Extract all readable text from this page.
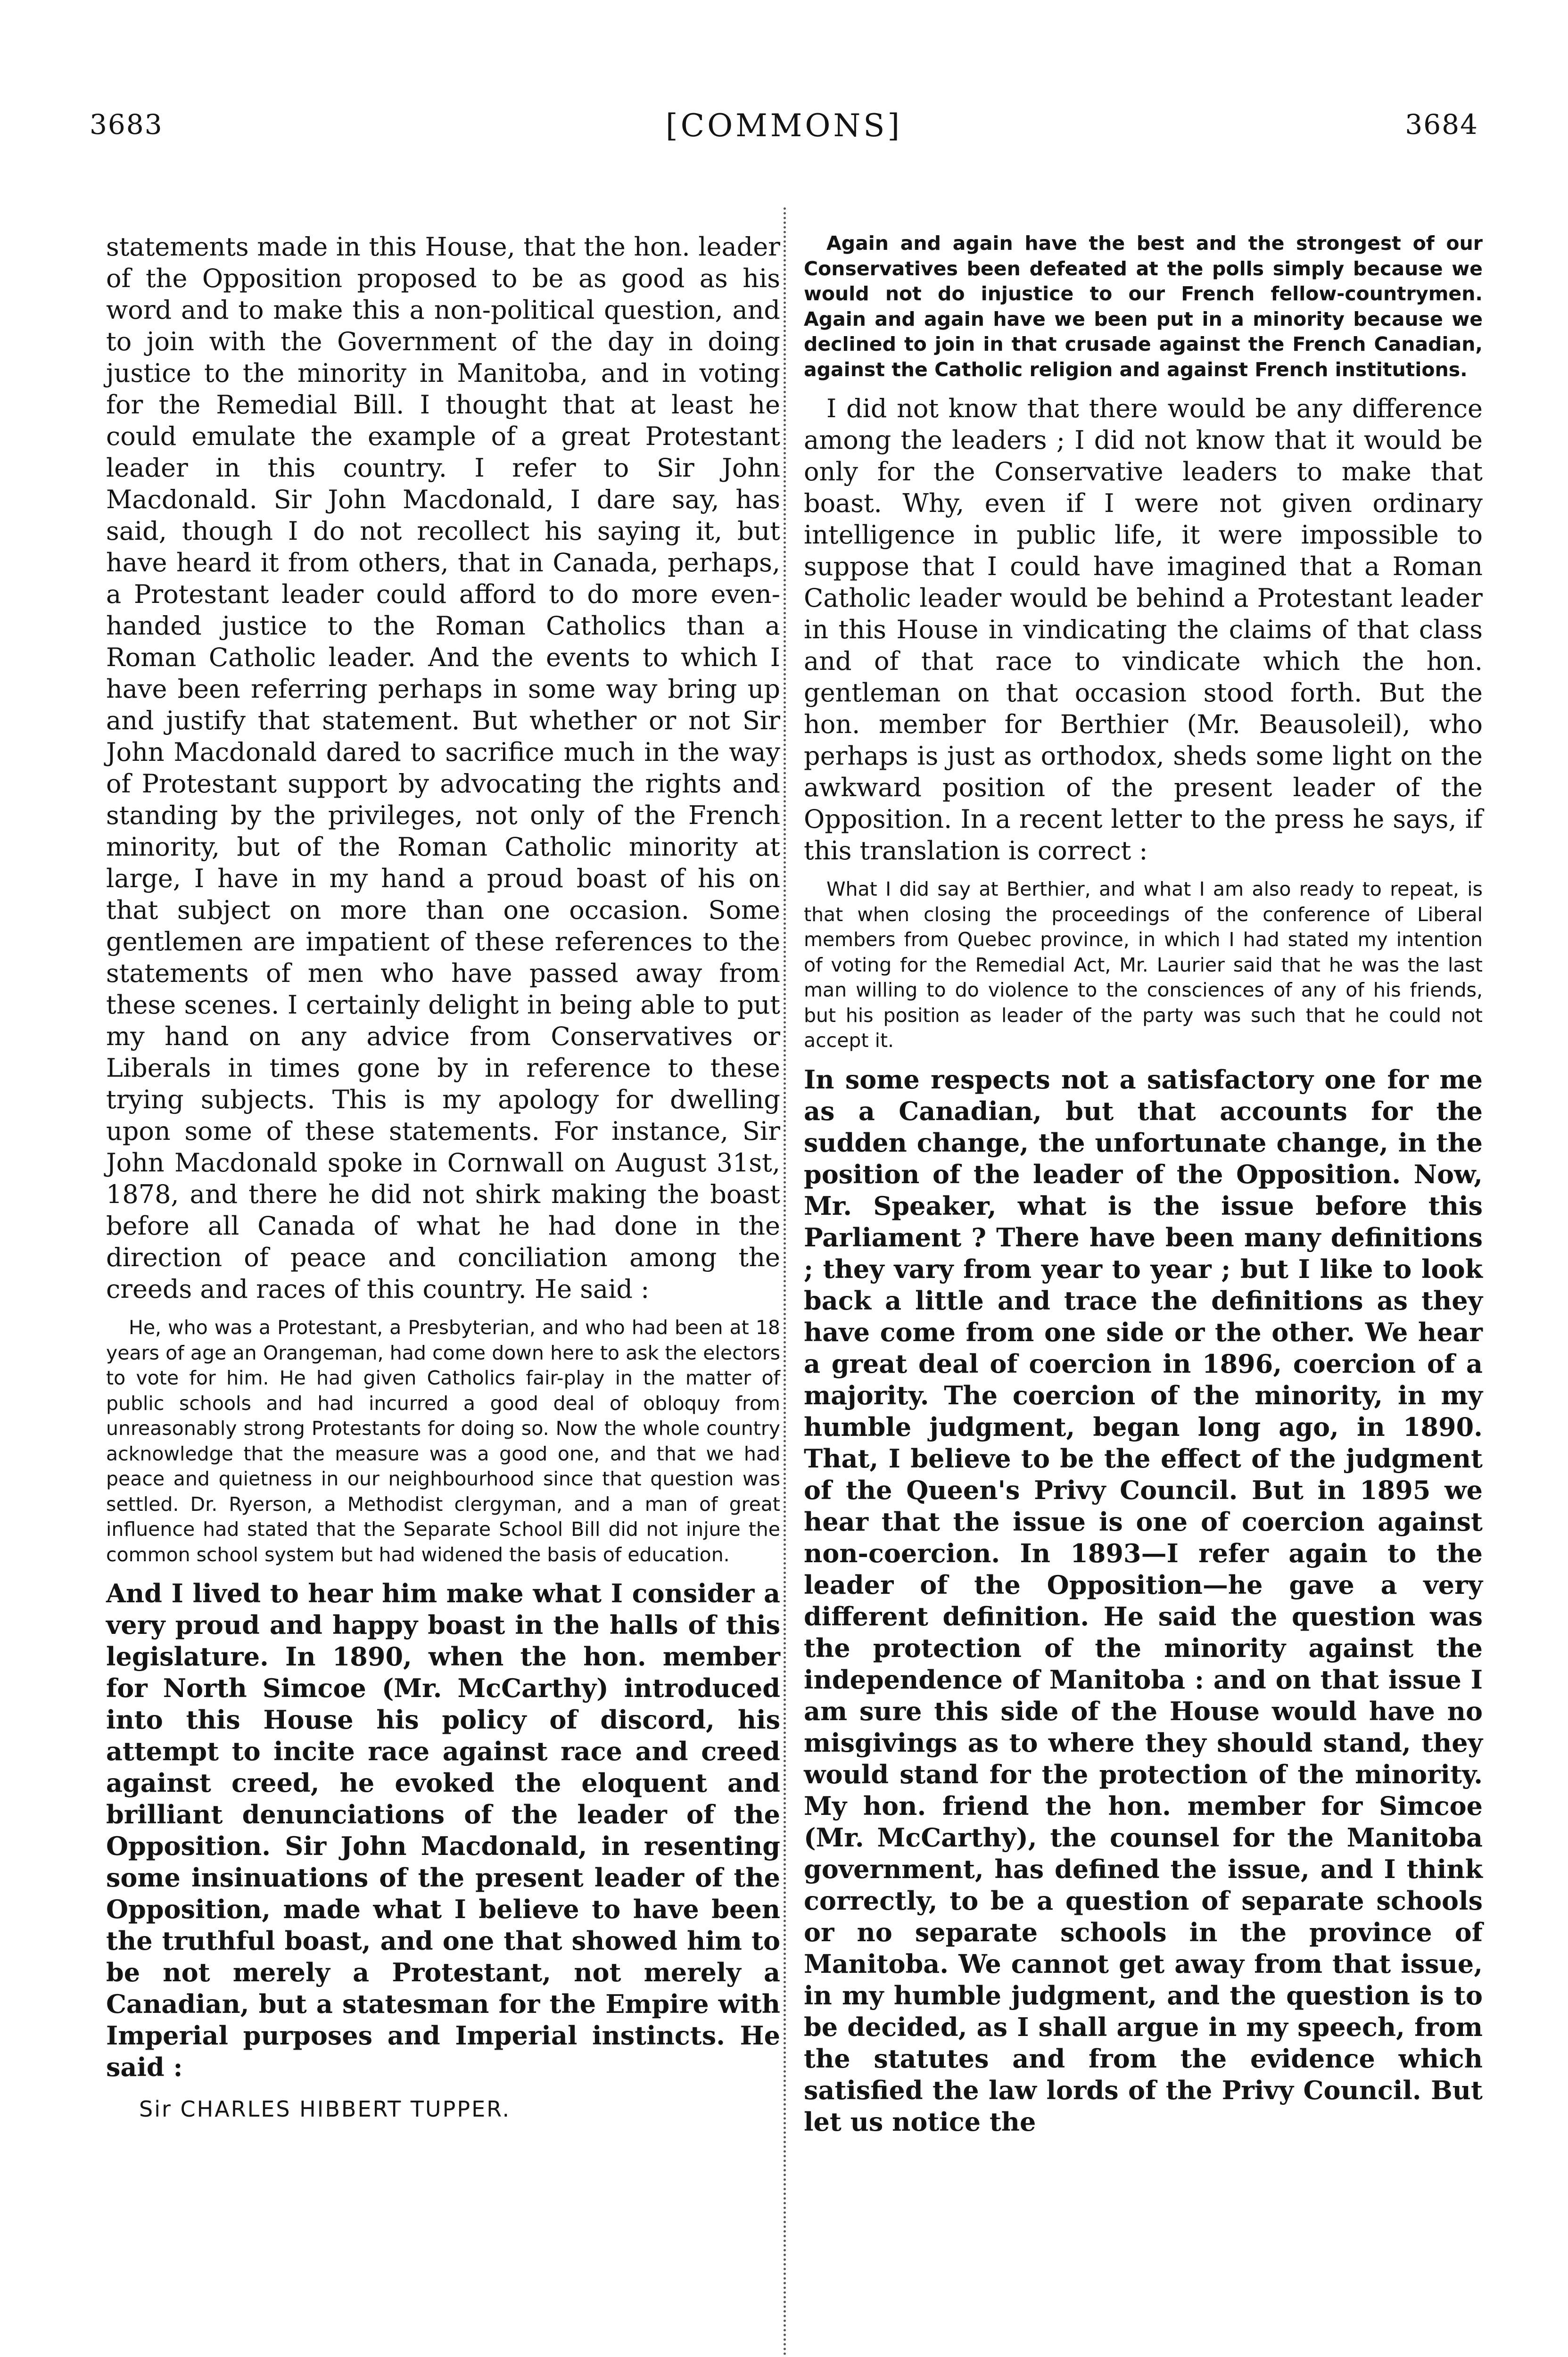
3683	[COMMONS]	3684

statements made in this House, that the hon. leader of the Opposition proposed to be as good as his word and to make this a non-political question, and to join with the Government of the day in doing justice to the minority in Manitoba, and in voting for the Remedial Bill. I thought that at least he could emulate the example of a great Protestant leader in this country. I refer to Sir John Macdonald. Sir John Macdonald, I dare say, has said, though I do not recollect his saying it, but have heard it from others, that in Canada, perhaps, a Protestant leader could afford to do more even-handed justice to the Roman Catholics than a Roman Catholic leader. And the events to which I have been referring perhaps in some way bring up and justify that statement. But whether or not Sir John Macdonald dared to sacrifice much in the way of Protestant support by advocating the rights and standing by the privileges, not only of the French minority, but of the Roman Catholic minority at large, I have in my hand a proud boast of his on that subject on more than one occasion. Some gentlemen are impatient of these references to the statements of men who have passed away from these scenes. I certainly delight in being able to put my hand on any advice from Conservatives or Liberals in times gone by in reference to these trying subjects. This is my apology for dwelling upon some of these statements. For instance, Sir John Macdonald spoke in Cornwall on August 31st, 1878, and there he did not shirk making the boast before all Canada of what he had done in the direction of peace and conciliation among the creeds and races of this country. He said :

He, who was a Protestant, a Presbyterian, and who had been at 18 years of age an Orangeman, had come down here to ask the electors to vote for him. He had given Catholics fair-play in the matter of public schools and had incurred a good deal of obloquy from unreasonably strong Protestants for doing so. Now the whole country acknowledge that the measure was a good one, and that we had peace and quietness in our neighbourhood since that question was settled. Dr. Ryerson, a Methodist clergyman, and a man of great influence had stated that the Separate School Bill did not injure the common school system but had widened the basis of education.

And I lived to hear him make what I consider a very proud and happy boast in the halls of this legislature. In 1890, when the hon. member for North Simcoe (Mr. McCarthy) introduced into this House his policy of discord, his attempt to incite race against race and creed against creed, he evoked the eloquent and brilliant denunciations of the leader of the Opposition. Sir John Macdonald, in resenting some insinuations of the present leader of the Opposition, made what I believe to have been the truthful boast, and one that showed him to be not merely a Protestant, not merely a Canadian, but a statesman for the Empire with Imperial purposes and Imperial instincts. He said :

Sir CHARLES HIBBERT TUPPER.

Again and again have the best and the strongest of our Conservatives been defeated at the polls simply because we would not do injustice to our French fellow-countrymen. Again and again have we been put in a minority because we declined to join in that crusade against the French Canadian, against the Catholic religion and against French institutions.

I did not know that there would be any difference among the leaders ; I did not know that it would be only for the Conservative leaders to make that boast. Why, even if I were not given ordinary intelligence in public life, it were impossible to suppose that I could have imagined that a Roman Catholic leader would be behind a Protestant leader in this House in vindicating the claims of that class and of that race to vindicate which the hon. gentleman on that occasion stood forth. But the hon. member for Berthier (Mr. Beausoleil), who perhaps is just as orthodox, sheds some light on the awkward position of the present leader of the Opposition. In a recent letter to the press he says, if this translation is correct :

What I did say at Berthier, and what I am also ready to repeat, is that when closing the proceedings of the conference of Liberal members from Quebec province, in which I had stated my intention of voting for the Remedial Act, Mr. Laurier said that he was the last man willing to do violence to the consciences of any of his friends, but his position as leader of the party was such that he could not accept it.

In some respects not a satisfactory one for me as a Canadian, but that accounts for the sudden change, the unfortunate change, in the position of the leader of the Opposition. Now, Mr. Speaker, what is the issue before this Parliament ? There have been many definitions ; they vary from year to year ; but I like to look back a little and trace the definitions as they have come from one side or the other. We hear a great deal of coercion in 1896, coercion of a majority. The coercion of the minority, in my humble judgment, began long ago, in 1890. That, I believe to be the effect of the judgment of the Queen's Privy Council. But in 1895 we hear that the issue is one of coercion against non-coercion. In 1893—I refer again to the leader of the Opposition—he gave a very different definition. He said the question was the protection of the minority against the independence of Manitoba : and on that issue I am sure this side of the House would have no misgivings as to where they should stand, they would stand for the protection of the minority. My hon. friend the hon. member for Simcoe (Mr. McCarthy), the counsel for the Manitoba government, has defined the issue, and I think correctly, to be a question of separate schools or no separate schools in the province of Manitoba. We cannot get away from that issue, in my humble judgment, and the question is to be decided, as I shall argue in my speech, from the statutes and from the evidence which satisfied the law lords of the Privy Council. But let us notice the
